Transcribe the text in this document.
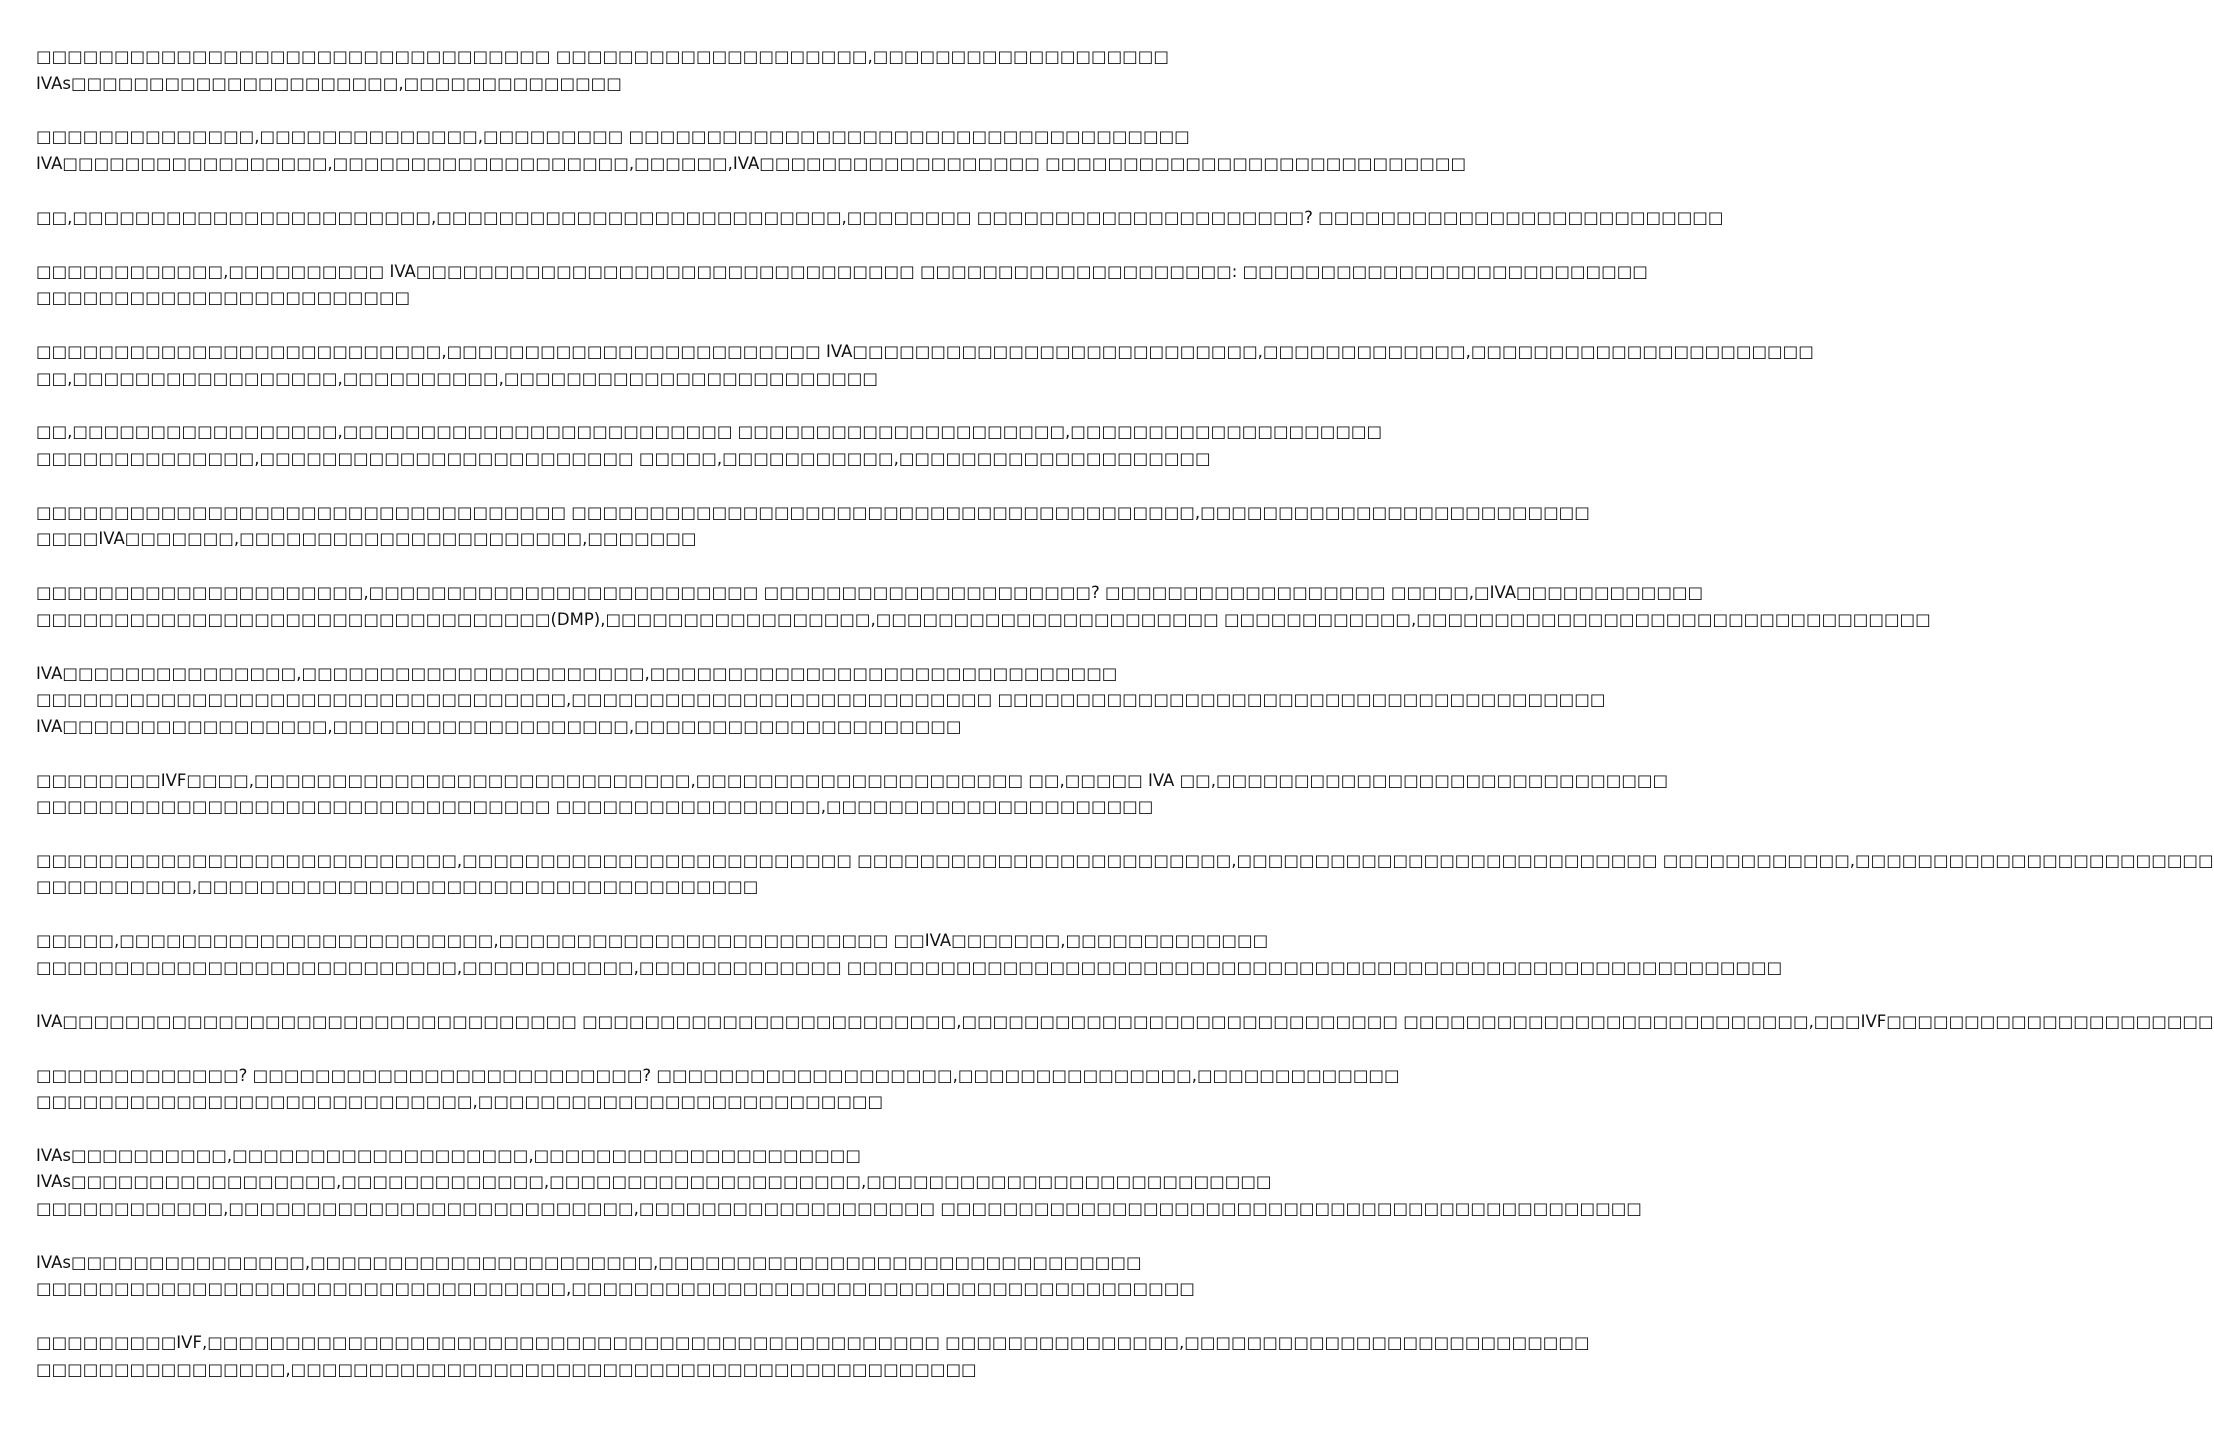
□□□□□□□□□□□□□□□□□□□□□□□□□□□□□□□□□ □□□□□□□□□□□□□□□□□□□□,□□□□□□□□□□□□□□□□□□□
IVAs□□□□□□□□□□□□□□□□□□□□□,□□□□□□□□□□□□□□
□□□□□□□□□□□□□□,□□□□□□□□□□□□□□,□□□□□□□□□ □□□□□□□□□□□□□□□□□□□□□□□□□□□□□□□□□□□□
IVA□□□□□□□□□□□□□□□□□,□□□□□□□□□□□□□□□□□□□,□□□□□□,IVA□□□□□□□□□□□□□□□□□□ □□□□□□□□□□□□□□□□□□□□□□□□□□□
□□,□□□□□□□□□□□□□□□□□□□□□□□,□□□□□□□□□□□□□□□□□□□□□□□□□□,□□□□□□□□ □□□□□□□□□□□□□□□□□□□□□? □□□□□□□□□□□□□□□□□□□□□□□□□□
□□□□□□□□□□□□,□□□□□□□□□□ IVA□□□□□□□□□□□□□□□□□□□□□□□□□□□□□□□□ □□□□□□□□□□□□□□□□□□□□: □□□□□□□□□□□□□□□□□□□□□□□□□□
□□□□□□□□□□□□□□□□□□□□□□□□
□□□□□□□□□□□□□□□□□□□□□□□□□□,□□□□□□□□□□□□□□□□□□□□□□□□ IVA□□□□□□□□□□□□□□□□□□□□□□□□□□,□□□□□□□□□□□□□,□□□□□□□□□□□□□□□□□□□□□□
□□,□□□□□□□□□□□□□□□□□,□□□□□□□□□□,□□□□□□□□□□□□□□□□□□□□□□□□
□□,□□□□□□□□□□□□□□□□□,□□□□□□□□□□□□□□□□□□□□□□□□□ □□□□□□□□□□□□□□□□□□□□□,□□□□□□□□□□□□□□□□□□□□
□□□□□□□□□□□□□□,□□□□□□□□□□□□□□□□□□□□□□□□ □□□□□,□□□□□□□□□□□,□□□□□□□□□□□□□□□□□□□□
□□□□□□□□□□□□□□□□□□□□□□□□□□□□□□□□□□ □□□□□□□□□□□□□□□□□□□□□□□□□□□□□□□□□□□□□□□□,□□□□□□□□□□□□□□□□□□□□□□□□□
□□□□IVA□□□□□□□,□□□□□□□□□□□□□□□□□□□□□□,□□□□□□□
□□□□□□□□□□□□□□□□□□□□□,□□□□□□□□□□□□□□□□□□□□□□□□□ □□□□□□□□□□□□□□□□□□□□□? □□□□□□□□□□□□□□□□□□ □□□□□,□IVA□□□□□□□□□□□□
□□□□□□□□□□□□□□□□□□□□□□□□□□□□□□□□□(DMP),□□□□□□□□□□□□□□□□□,□□□□□□□□□□□□□□□□□□□□□□ □□□□□□□□□□□□,□□□□□□□□□□□□□□□□□□□□□□□□□□□□□□□□□
IVA□□□□□□□□□□□□□□□,□□□□□□□□□□□□□□□□□□□□□□,□□□□□□□□□□□□□□□□□□□□□□□□□□□□□□
□□□□□□□□□□□□□□□□□□□□□□□□□□□□□□□□□□,□□□□□□□□□□□□□□□□□□□□□□□□□□□ □□□□□□□□□□□□□□□□□□□□□□□□□□□□□□□□□□□□□□□
IVA□□□□□□□□□□□□□□□□□,□□□□□□□□□□□□□□□□□□□,□□□□□□□□□□□□□□□□□□□□□
□□□□□□□□IVF□□□□,□□□□□□□□□□□□□□□□□□□□□□□□□□□□,□□□□□□□□□□□□□□□□□□□□□ □□,□□□□□ IVA □□,□□□□□□□□□□□□□□□□□□□□□□□□□□□□□
□□□□□□□□□□□□□□□□□□□□□□□□□□□□□□□□□ □□□□□□□□□□□□□□□□□,□□□□□□□□□□□□□□□□□□□□□
□□□□□□□□□□□□□□□□□□□□□□□□□□□,□□□□□□□□□□□□□□□□□□□□□□□□□ □□□□□□□□□□□□□□□□□□□□□□□□,□□□□□□□□□□□□□□□□□□□□□□□□□□□ □□□□□□□□□□□□,□□□□□□□□□□□□□□□□□□□□□□□
□□□□□□□□□□,□□□□□□□□□□□□□□□□□□□□□□□□□□□□□□□□□□□□
□□□□□,□□□□□□□□□□□□□□□□□□□□□□□□,□□□□□□□□□□□□□□□□□□□□□□□□□ □□IVA□□□□□□□,□□□□□□□□□□□□□
□□□□□□□□□□□□□□□□□□□□□□□□□□□,□□□□□□□□□□□,□□□□□□□□□□□□□ □□□□□□□□□□□□□□□□□□□□□□□□□□□□□□□□□□□□□□□□□□□□□□□□□□□□□□□□□□□□
IVA□□□□□□□□□□□□□□□□□□□□□□□□□□□□□□□□□ □□□□□□□□□□□□□□□□□□□□□□□□,□□□□□□□□□□□□□□□□□□□□□□□□□□□□ □□□□□□□□□□□□□□□□□□□□□□□□□□,□□□IVF□□□□□□□□□□□□□□□□□□□□□
□□□□□□□□□□□□□? □□□□□□□□□□□□□□□□□□□□□□□□□? □□□□□□□□□□□□□□□□□□□,□□□□□□□□□□□□□□□,□□□□□□□□□□□□□
□□□□□□□□□□□□□□□□□□□□□□□□□□□□,□□□□□□□□□□□□□□□□□□□□□□□□□□
IVAs□□□□□□□□□□,□□□□□□□□□□□□□□□□□□□,□□□□□□□□□□□□□□□□□□□□□
IVAs□□□□□□□□□□□□□□□□□,□□□□□□□□□□□□□,□□□□□□□□□□□□□□□□□□□□,□□□□□□□□□□□□□□□□□□□□□□□□□□
□□□□□□□□□□□□,□□□□□□□□□□□□□□□□□□□□□□□□□□,□□□□□□□□□□□□□□□□□□□ □□□□□□□□□□□□□□□□□□□□□□□□□□□□□□□□□□□□□□□□□□□□□
IVAs□□□□□□□□□□□□□□□,□□□□□□□□□□□□□□□□□□□□□□,□□□□□□□□□□□□□□□□□□□□□□□□□□□□□□□
□□□□□□□□□□□□□□□□□□□□□□□□□□□□□□□□□□,□□□□□□□□□□□□□□□□□□□□□□□□□□□□□□□□□□□□□□□□
□□□□□□□□□IVF,□□□□□□□□□□□□□□□□□□□□□□□□□□□□□□□□□□□□□□□□□□□□□□□ □□□□□□□□□□□□□□□,□□□□□□□□□□□□□□□□□□□□□□□□□□
□□□□□□□□□□□□□□□□,□□□□□□□□□□□□□□□□□□□□□□□□□□□□□□□□□□□□□□□□□□□□
